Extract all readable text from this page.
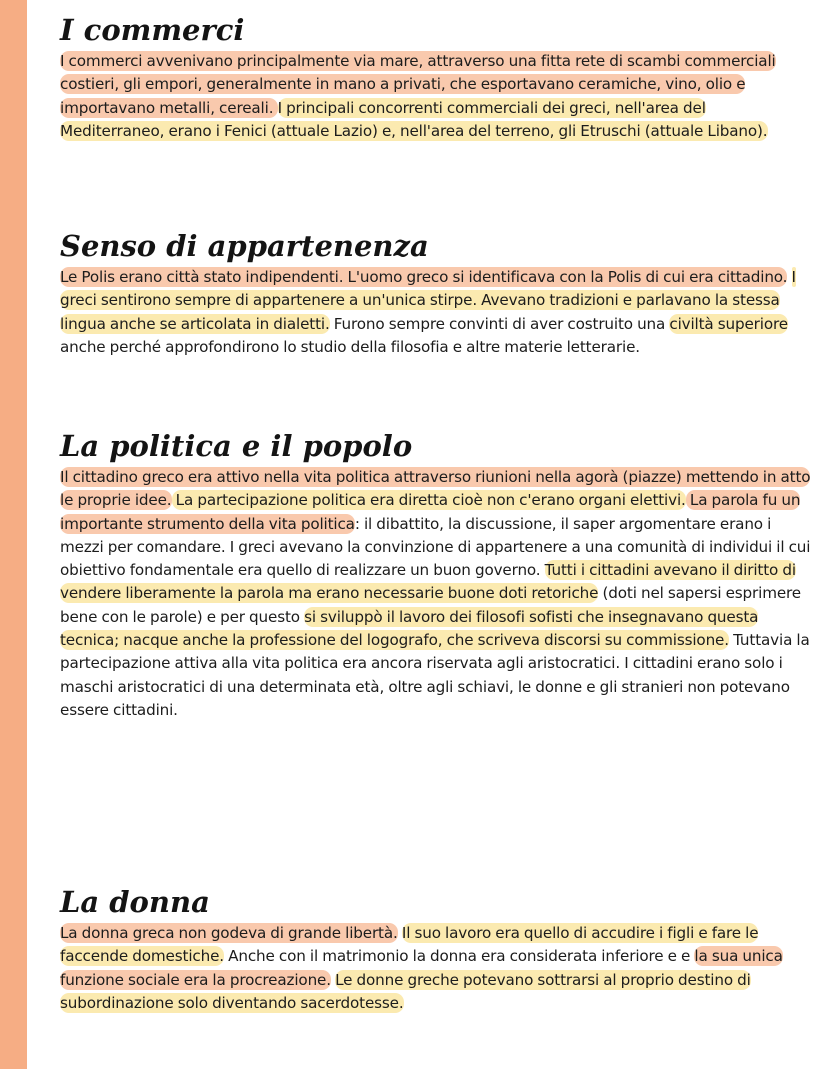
I commerci

I commerci avvenivano principalmente via mare, attraverso una fitta rete di scambi commerciali costieri, gli empori, generalmente in mano a privati, che esportavano ceramiche, vino, olio e importavano metalli, cereali. I principali concorrenti commerciali dei greci, nell'area del Mediterraneo, erano i Fenici (attuale Lazio) e, nell'area del terreno, gli Etruschi (attuale Libano).

Senso di appartenenza

Le Polis erano città stato indipendenti. L'uomo greco si identificava con la Polis di cui era cittadino. I greci sentirono sempre di appartenere a un'unica stirpe. Avevano tradizioni e parlavano la stessa lingua anche se articolata in dialetti. Furono sempre convinti di aver costruito una civiltà superiore anche perché approfondirono lo studio della filosofia e altre materie letterarie.

La politica e il popolo

Il cittadino greco era attivo nella vita politica attraverso riunioni nella agorà (piazze) mettendo in atto le proprie idee. La partecipazione politica era diretta cioè non c'erano organi elettivi. La parola fu un importante strumento della vita politica: il dibattito, la discussione, il saper argomentare erano i mezzi per comandare. I greci avevano la convinzione di appartenere a una comunità di individui il cui obiettivo fondamentale era quello di realizzare un buon governo. Tutti i cittadini avevano il diritto di vendere liberamente la parola ma erano necessarie buone doti retoriche (doti nel sapersi esprimere bene con le parole) e per questo si sviluppò il lavoro dei filosofi sofisti che insegnavano questa tecnica; nacque anche la professione del logografo, che scriveva discorsi su commissione. Tuttavia la partecipazione attiva alla vita politica era ancora riservata agli aristocratici. I cittadini erano solo i maschi aristocratici di una determinata età, oltre agli schiavi, le donne e gli stranieri non potevano essere cittadini.

La donna

La donna greca non godeva di grande libertà. Il suo lavoro era quello di accudire i figli e fare le faccende domestiche. Anche con il matrimonio la donna era considerata inferiore e e la sua unica funzione sociale era la procreazione. Le donne greche potevano sottrarsi al proprio destino di subordinazione solo diventando sacerdotesse.
